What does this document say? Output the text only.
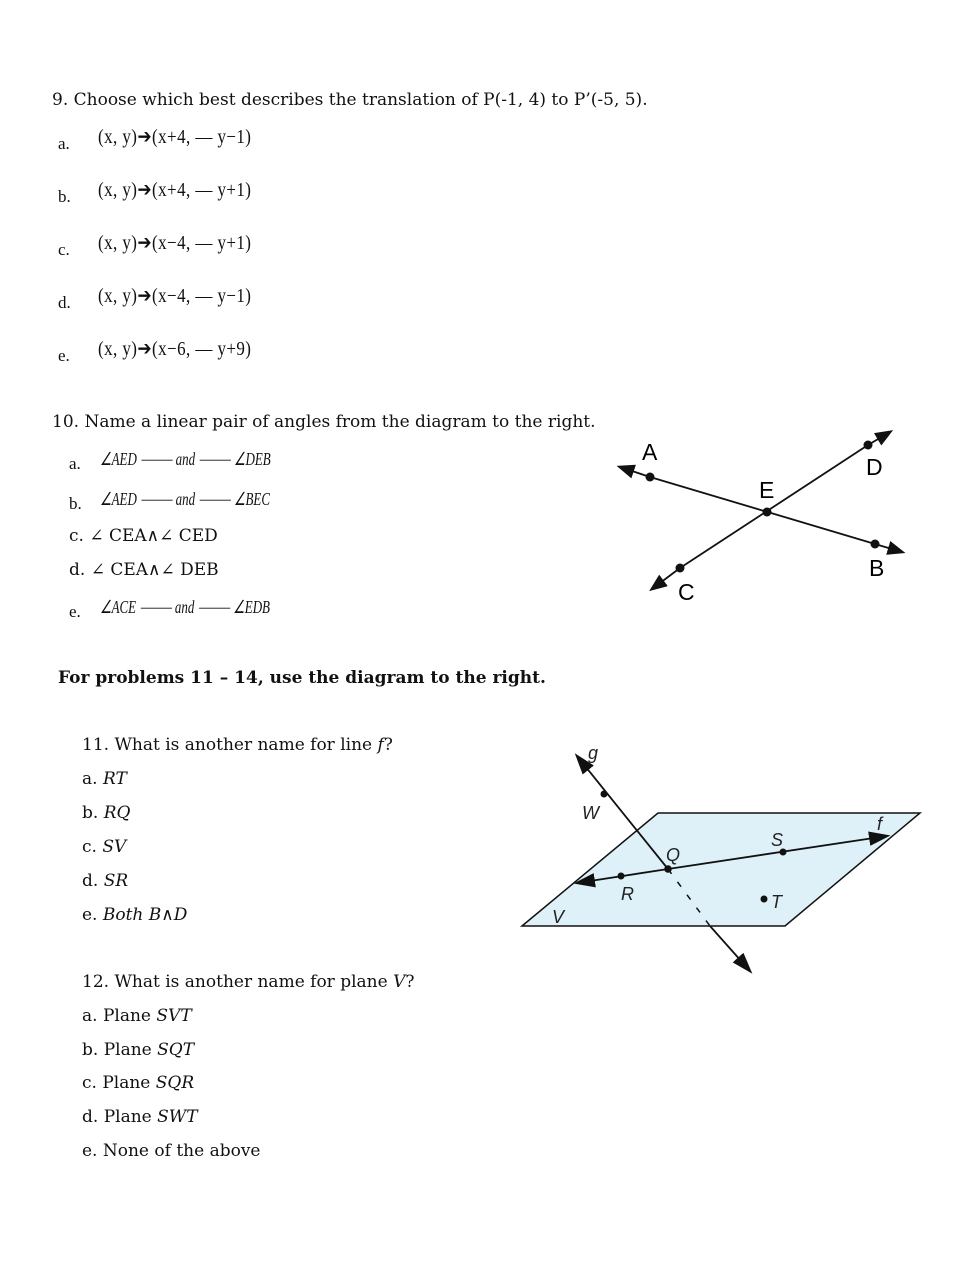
9. Choose which best describes the translation of P(-1, 4) to P’(-5, 5).
a. (x, y)➔(x+4, — y−1)
b. (x, y)➔(x+4, — y+1)
c. (x, y)➔(x−4, — y+1)
d. (x, y)➔(x−4, — y−1)
e. (x, y)➔(x−6, — y+9)
10. Name a linear pair of angles from the diagram to the right.
a. ∠AED ⸻ and ⸻ ∠DEB
b. ∠AED ⸻ and ⸻ ∠BEC
c. ∠ CEA∧∠ CED
d. ∠ CEA∧∠ DEB
e. ∠ACE ⸻ and ⸻ ∠EDB
A
D
E
B
C
For problems 11 – 14, use the diagram to the right.
11. What is another name for line f?
a. RT
b. RQ
c. SV
d. SR
e. Both B∧D
12. What is another name for plane V?
a. Plane SVT
b. Plane SQT
c. Plane SQR
d. Plane SWT
e. None of the above
g
W
Q
S
f
R	T
V
